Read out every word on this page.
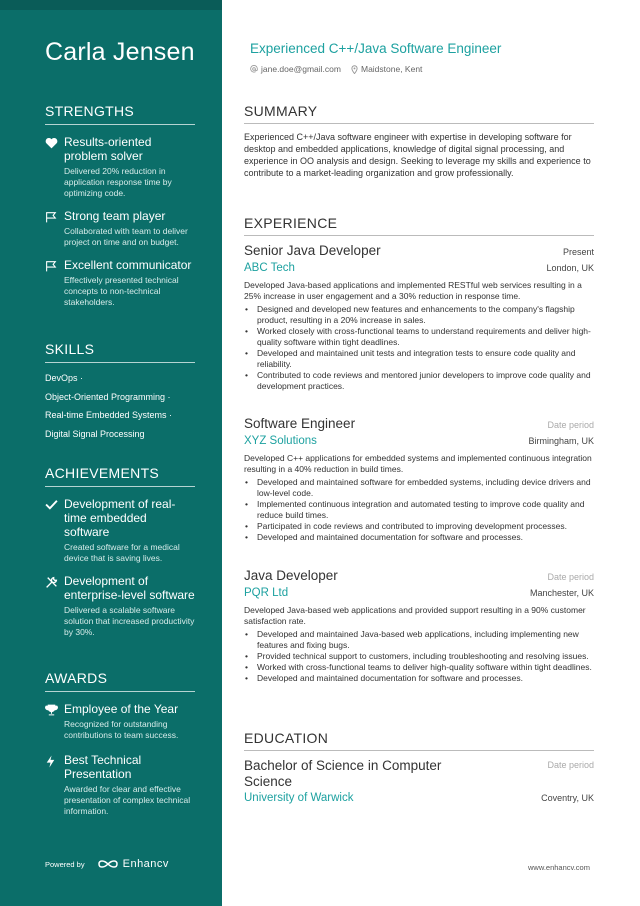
Carla Jensen
STRENGTHS
Results-oriented problem solver
Delivered 20% reduction in application response time by optimizing code.
Strong team player
Collaborated with team to deliver project on time and on budget.
Excellent communicator
Effectively presented technical concepts to non-technical stakeholders.
SKILLS
DevOps ·
Object-Oriented Programming ·
Real-time Embedded Systems ·
Digital Signal Processing
ACHIEVEMENTS
Development of real-time embedded software
Created software for a medical device that is saving lives.
Development of enterprise-level software
Delivered a scalable software solution that increased productivity by 30%.
AWARDS
Employee of the Year
Recognized for outstanding contributions to team success.
Best Technical Presentation
Awarded for clear and effective presentation of complex technical information.
Powered by	Enhancv
Experienced C++/Java Software Engineer
jane.doe@gmail.com Maidstone, Kent
SUMMARY
Experienced C++/Java software engineer with expertise in developing software for desktop and embedded applications, knowledge of digital signal processing, and experience in OO analysis and design. Seeking to leverage my skills and experience to contribute to a market-leading organization and grow professionally.
EXPERIENCE
Senior Java Developer	Present
ABC Tech	London, UK
Developed Java-based applications and implemented RESTful web services resulting in a 25% increase in user engagement and a 30% reduction in response time.
• Designed and developed new features and enhancements to the company's flagship product, resulting in a 20% increase in sales.
• Worked closely with cross-functional teams to understand requirements and deliver high-quality software within tight deadlines.
• Developed and maintained unit tests and integration tests to ensure code quality and reliability.
• Contributed to code reviews and mentored junior developers to improve code quality and development practices.
Software Engineer	Date period
XYZ Solutions	Birmingham, UK
Developed C++ applications for embedded systems and implemented continuous integration resulting in a 40% reduction in build times.
• Developed and maintained software for embedded systems, including device drivers and low-level code.
• Implemented continuous integration and automated testing to improve code quality and reduce build times.
• Participated in code reviews and contributed to improving development processes.
• Developed and maintained documentation for software and processes.
Java Developer	Date period
PQR Ltd	Manchester, UK
Developed Java-based web applications and provided support resulting in a 90% customer satisfaction rate.
• Developed and maintained Java-based web applications, including implementing new features and fixing bugs.
• Provided technical support to customers, including troubleshooting and resolving issues.
• Worked with cross-functional teams to deliver high-quality software within tight deadlines.
• Developed and maintained documentation for software and processes.
EDUCATION
Bachelor of Science in Computer Science
Date period
University of Warwick	Coventry, UK
www.enhancv.com
